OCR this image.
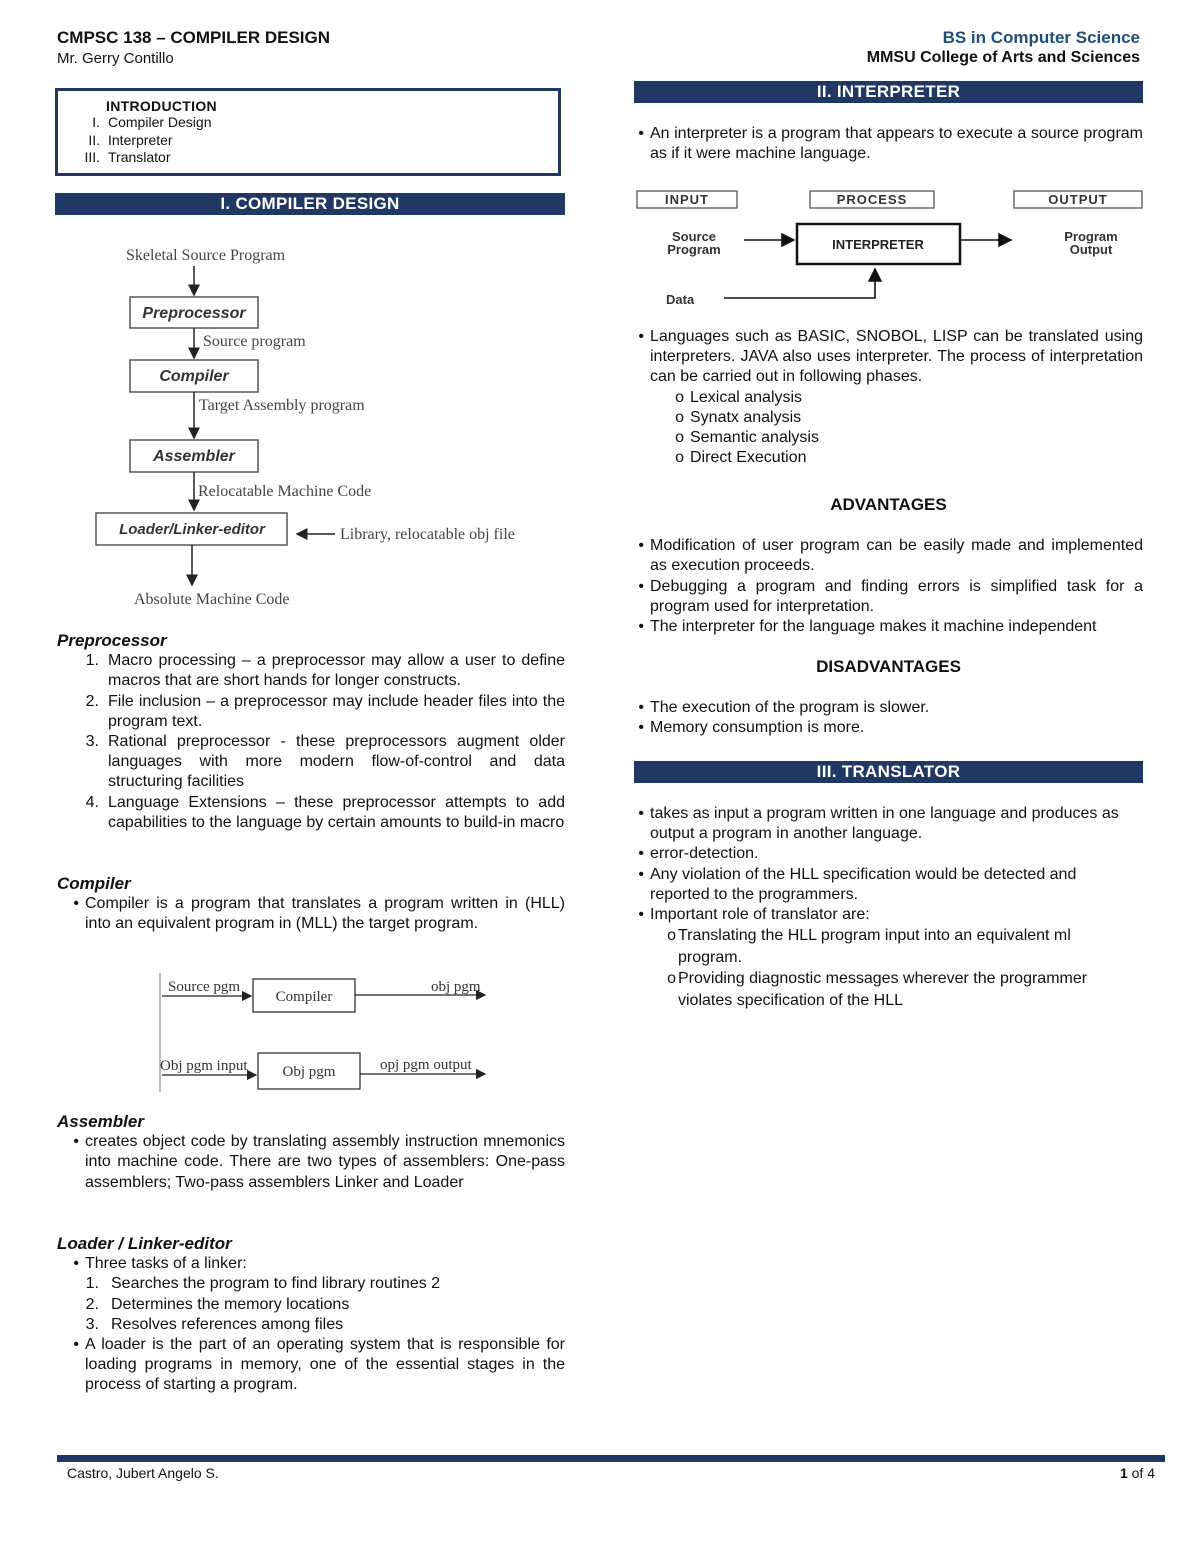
CMPSC 138 – COMPILER DESIGN
Mr. Gerry Contillo
BS in Computer Science
MMSU College of Arts and Sciences
INTRODUCTION
I. Compiler Design
II. Interpreter
III. Translator
I. COMPILER DESIGN
Skeletal Source Program
Preprocessor
Source program
Compiler
Target Assembly program
Assembler
Relocatable Machine Code
Loader/Linker-editor	Library, relocatable obj file
Absolute Machine Code
Preprocessor
1. Macro processing – a preprocessor may allow a user to define macros that are short hands for longer constructs.
2. File inclusion – a preprocessor may include header files into the program text.
3. Rational preprocessor - these preprocessors augment older languages with more modern flow-of-control and data structuring facilities
4. Language Extensions – these preprocessor attempts to add capabilities to the language by certain amounts to build-in macro
Compiler
• Compiler is a program that translates a program written in (HLL) into an equivalent program in (MLL) the target program.
Source pgm
Compiler
obj pgm
Obj pgm input Obj pgm	opj pgm output
Assembler
• creates object code by translating assembly instruction mnemonics into machine code. There are two types of assemblers: One-pass assemblers; Two-pass assemblers Linker and Loader
Loader / Linker-editor
• Three tasks of a linker:
1. Searches the program to find library routines 2
2. Determines the memory locations
3. Resolves references among files
• A loader is the part of an operating system that is responsible for loading programs in memory, one of the essential stages in the process of starting a program.
II. INTERPRETER
• An interpreter is a program that appears to execute a source program as if it were machine language.
INPUT	PROCESS	OUTPUT
Source
Program	INTERPRETER
Program
Output
Data
• Languages such as BASIC, SNOBOL, LISP can be translated using interpreters. JAVA also uses interpreter. The process of interpretation can be carried out in following phases.
o Lexical analysis
o Synatx analysis
o Semantic analysis
o Direct Execution
ADVANTAGES
• Modification of user program can be easily made and implemented as execution proceeds.
• Debugging a program and finding errors is simplified task for a program used for interpretation.
• The interpreter for the language makes it machine independent
DISADVANTAGES
• The execution of the program is slower.
• Memory consumption is more.
III. TRANSLATOR
• takes as input a program written in one language and produces as output a program in another language.
• error-detection.
• Any violation of the HLL specification would be detected and reported to the programmers.
• Important role of translator are:
o Translating the HLL program input into an equivalent ml program.
o Providing diagnostic messages wherever the programmer violates specification of the HLL
Castro, Jubert Angelo S.	1 of 4
